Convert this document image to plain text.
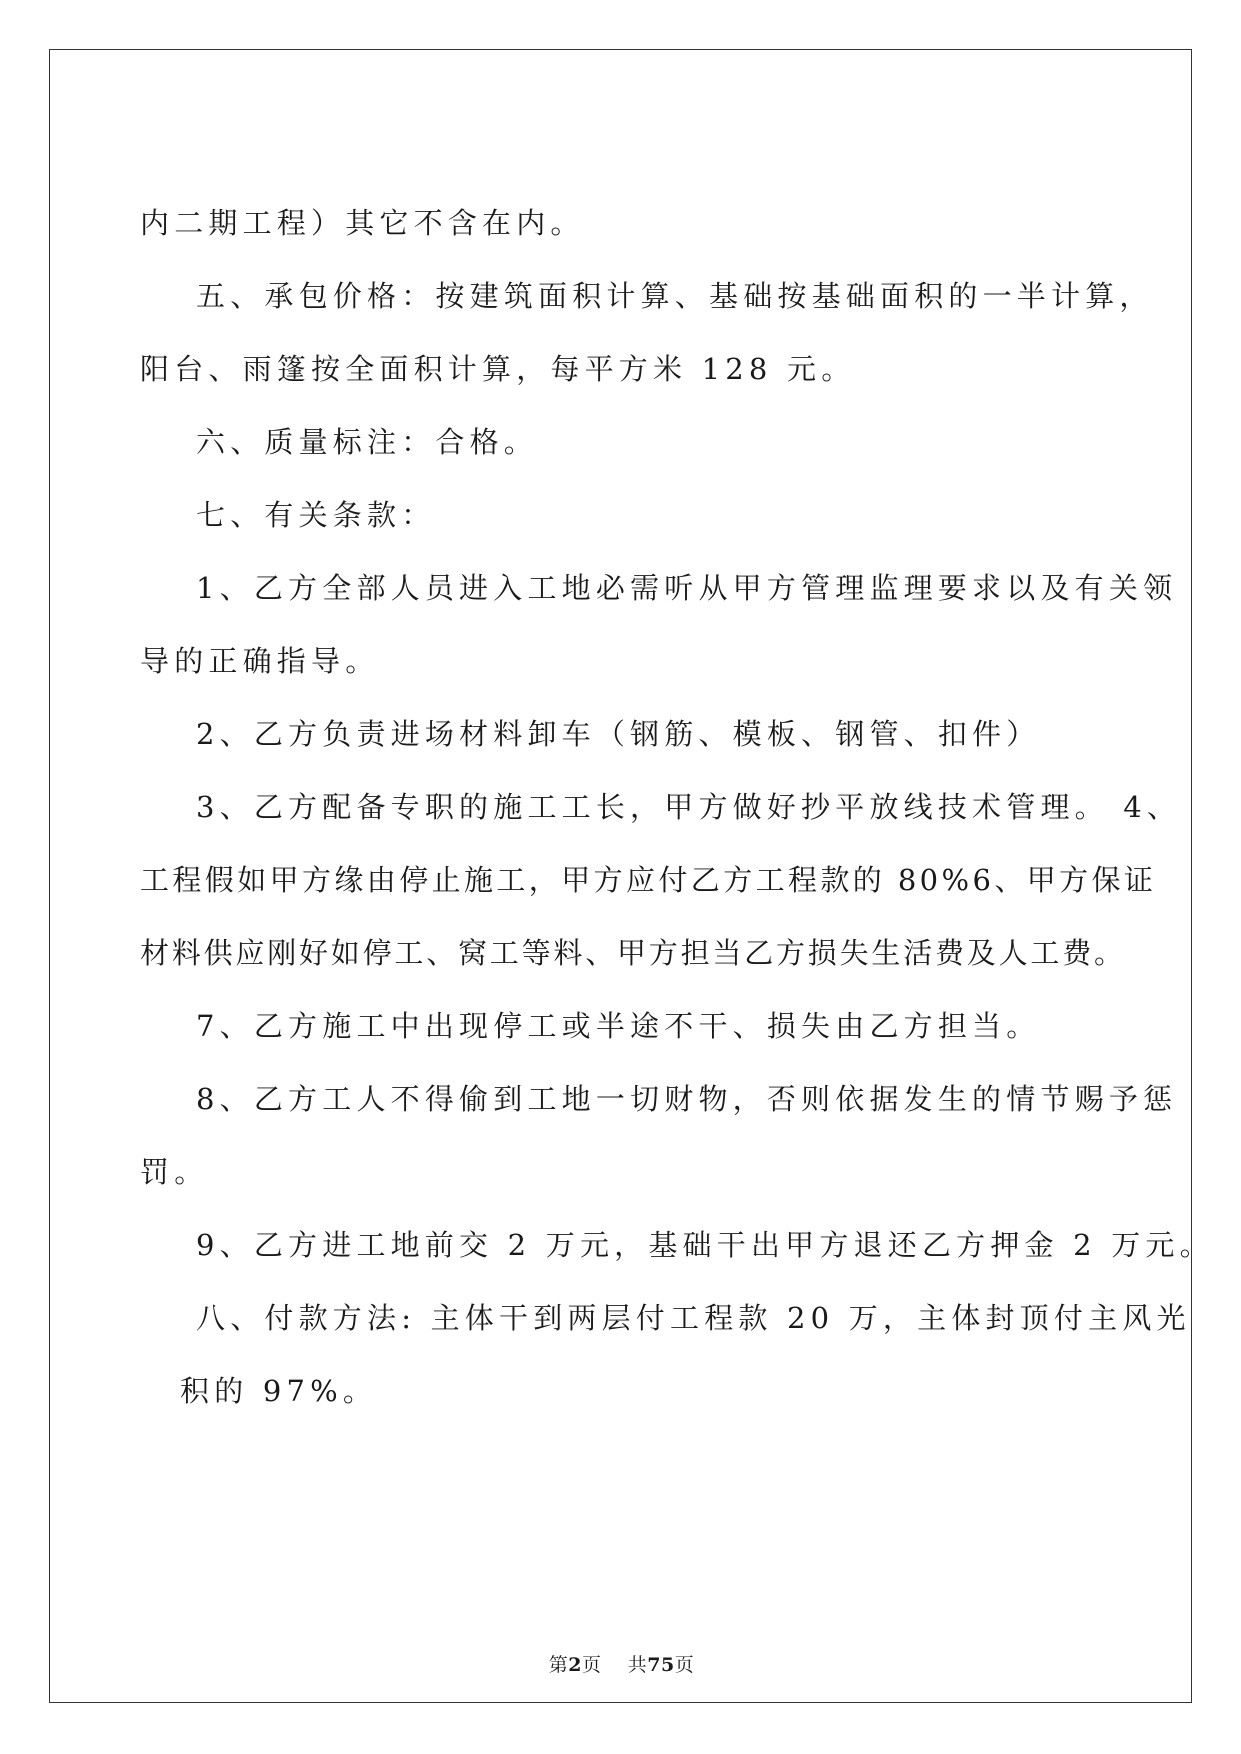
内二期工程）其它不含在内。
五、承包价格：按建筑面积计算、基础按基础面积的一半计算，
阳台、雨篷按全面积计算，每平方米 128 元。
六、质量标注：合格。
七、有关条款：
1、乙方全部人员进入工地必需听从甲方管理监理要求以及有关领
导的正确指导。
2、乙方负责进场材料卸车（钢筋、模板、钢管、扣件）
3、乙方配备专职的施工工长，甲方做好抄平放线技术管理。 4、
工程假如甲方缘由停止施工，甲方应付乙方工程款的 80%6、甲方保证
材料供应刚好如停工、窝工等料、甲方担当乙方损失生活费及人工费。
7、乙方施工中出现停工或半途不干、损失由乙方担当。
8、乙方工人不得偷到工地一切财物，否则依据发生的情节赐予惩
罚。
9、乙方进工地前交 2 万元，基础干出甲方退还乙方押金 2 万元。
八、付款方法: 主体干到两层付工程款 20 万，主体封顶付主风光
积的 97%。
第2页 共75页
